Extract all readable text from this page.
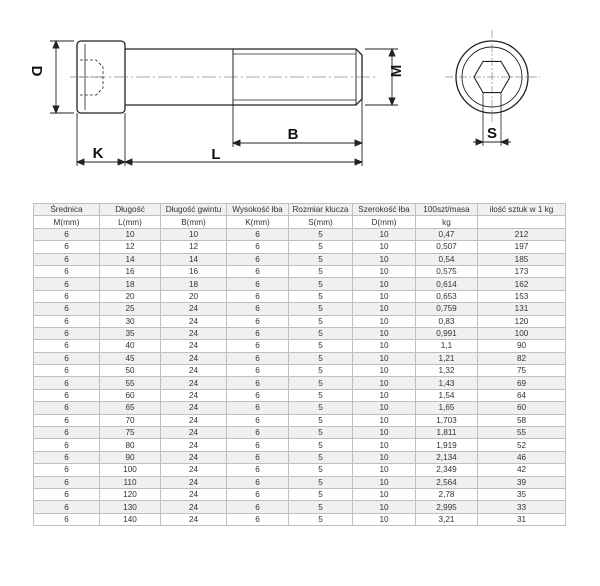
D	M
K	L
B	S
Średnica	Długość	Długość gwintu	Wysokość łba	Rozmiar klucza	Szerokość łba	100szt/masa	ilość sztuk w 1 kg
M(mm)	L(mm)	B(mm)	K(mm)	S(mm)	D(mm)	kg	
6	10	10	6	5	10	0,47	212
6	12	12	6	5	10	0,507	197
6	14	14	6	5	10	0,54	185
6	16	16	6	5	10	0,575	173
6	18	18	6	5	10	0,614	162
6	20	20	6	5	10	0,653	153
6	25	24	6	5	10	0,759	131
6	30	24	6	5	10	0,83	120
6	35	24	6	5	10	0,991	100
6	40	24	6	5	10	1,1	90
6	45	24	6	5	10	1,21	82
6	50	24	6	5	10	1,32	75
6	55	24	6	5	10	1,43	69
6	60	24	6	5	10	1,54	64
6	65	24	6	5	10	1,65	60
6	70	24	6	5	10	1,703	58
6	75	24	6	5	10	1,811	55
6	80	24	6	5	10	1,919	52
6	90	24	6	5	10	2,134	46
6	100	24	6	5	10	2,349	42
6	110	24	6	5	10	2,564	39
6	120	24	6	5	10	2,78	35
6	130	24	6	5	10	2,995	33
6	140	24	6	5	10	3,21	31
